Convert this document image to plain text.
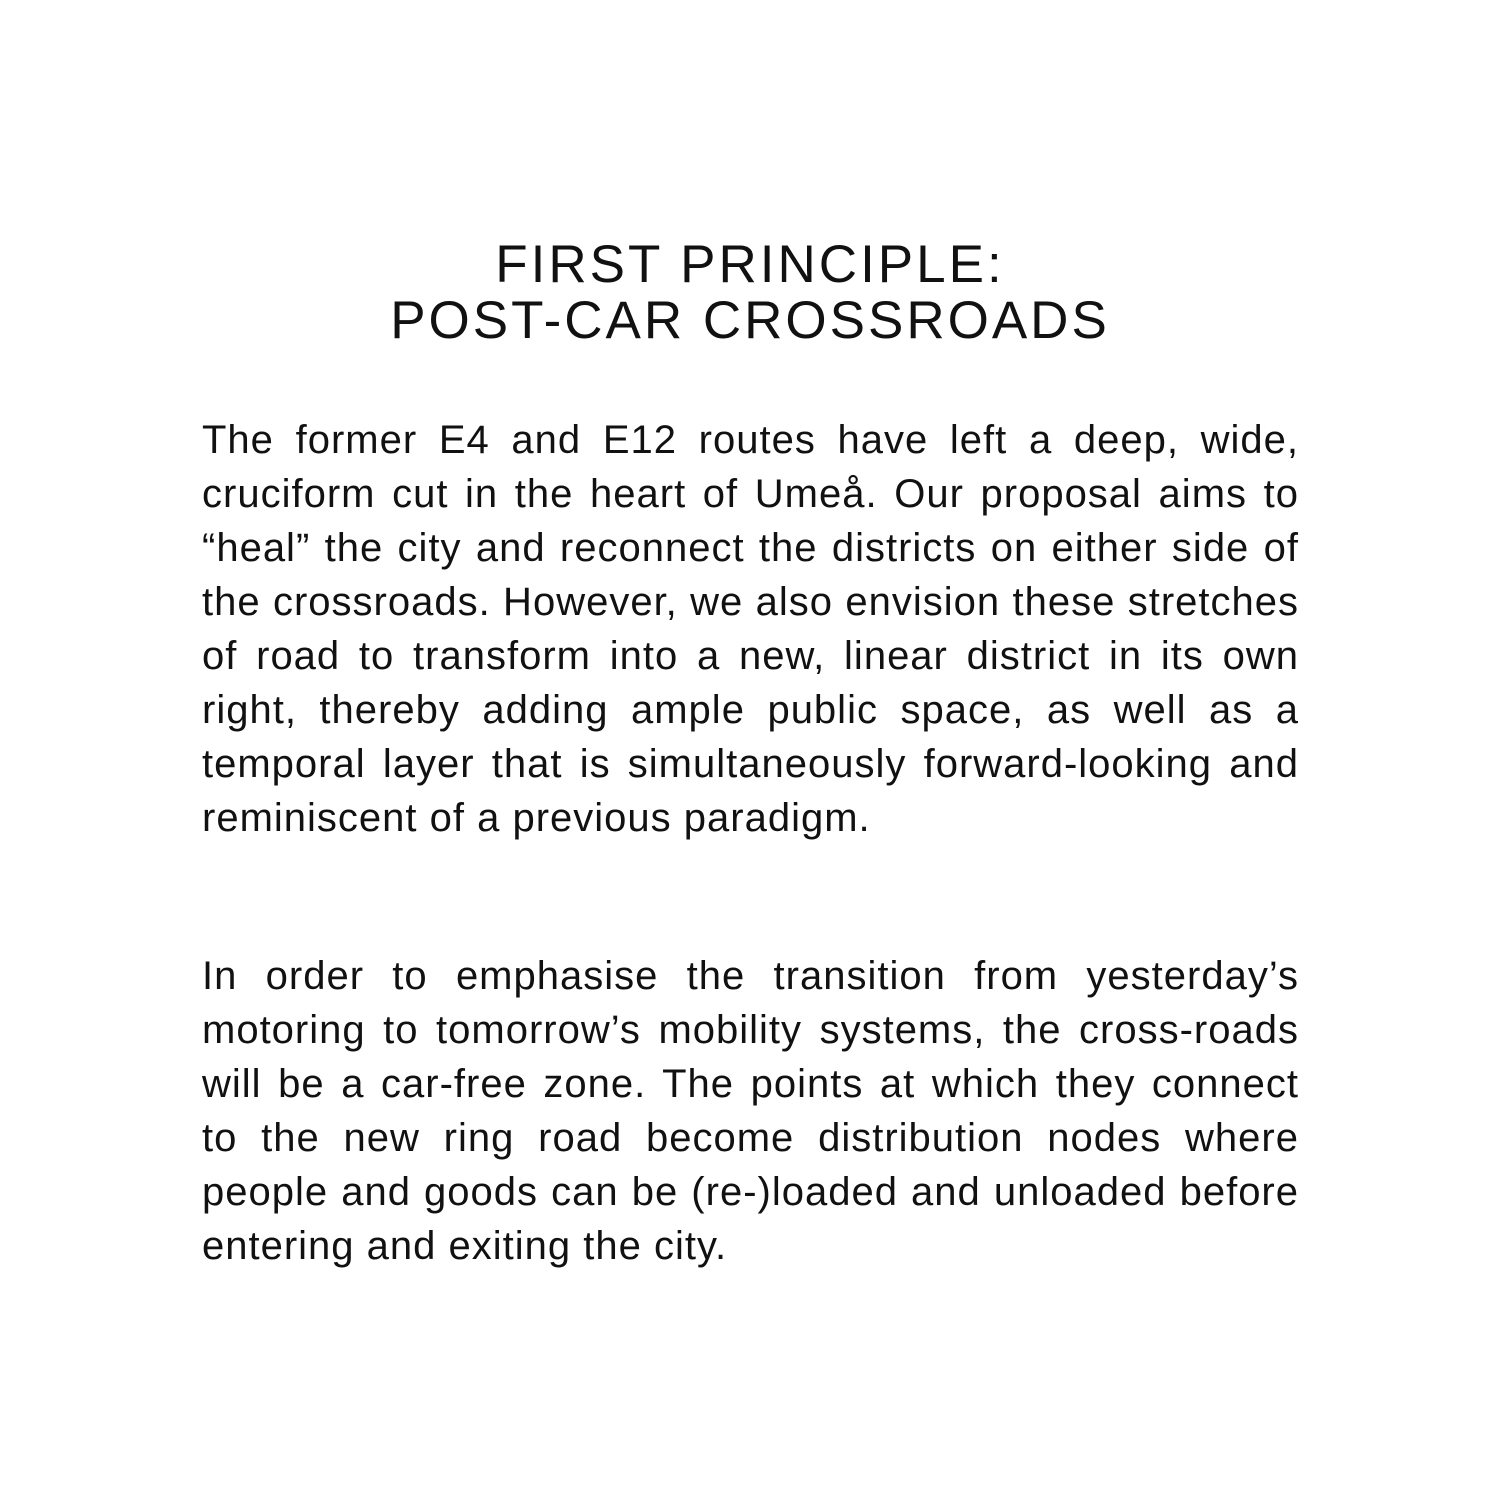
FIRST PRINCIPLE:
POST-CAR CROSSROADS

The former E4 and E12 routes have left a deep, wide, cruciform cut in the heart of Umeå. Our proposal aims to “heal” the city and reconnect the districts on either side of the crossroads. However, we also envision these stretches of road to transform into a new, linear district in its own right, thereby adding ample public space, as well as a temporal layer that is simultaneously forward-looking and reminiscent of a previous paradigm.

In order to emphasise the transition from yesterday’s motoring to tomorrow’s mobility systems, the cross-roads will be a car-free zone. The points at which they connect to the new ring road become distribution nodes where people and goods can be (re-)loaded and unloaded before entering and exiting the city.
